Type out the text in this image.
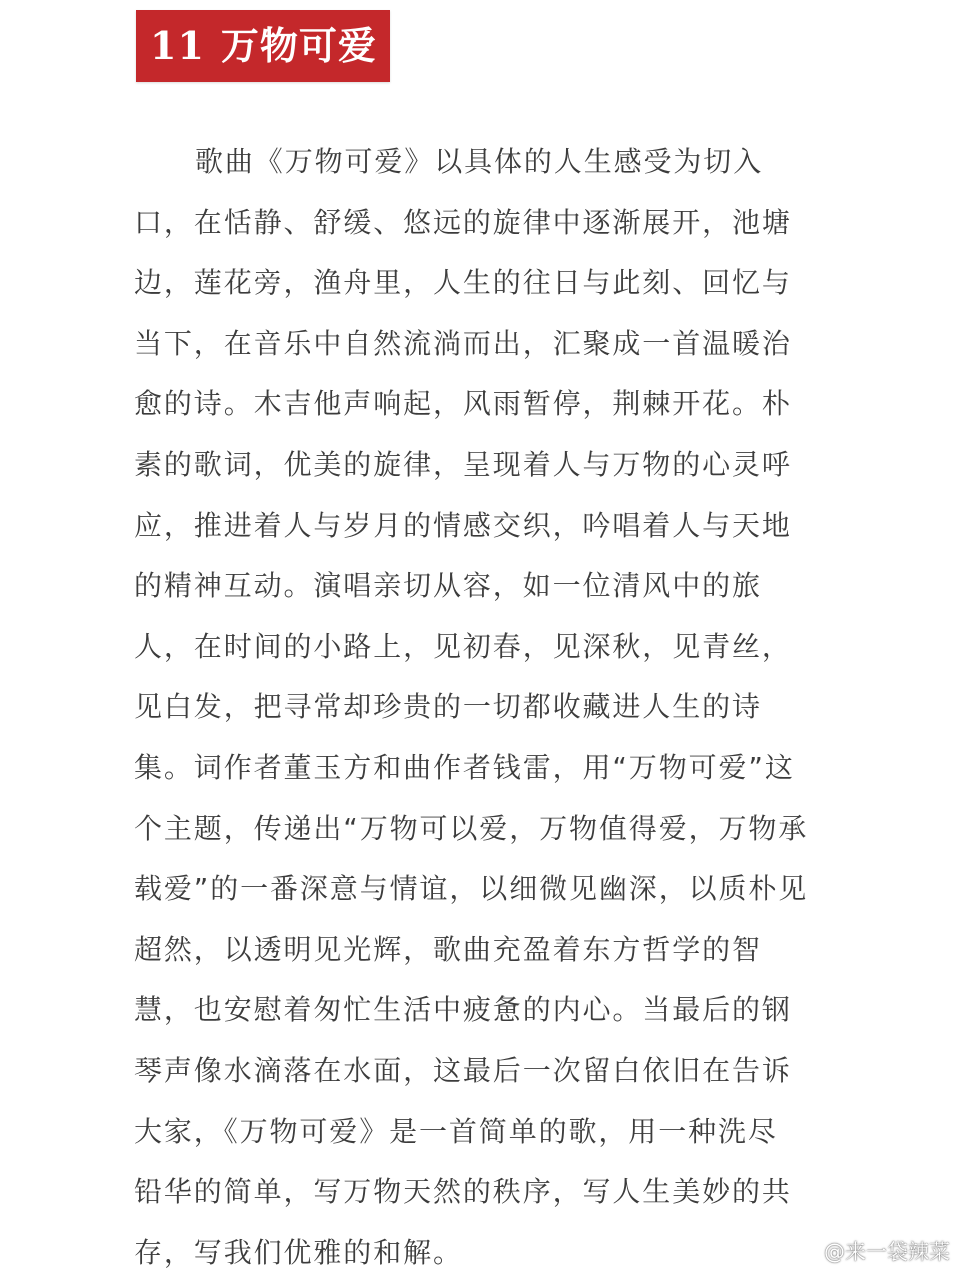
11 万物可爱
歌曲《万物可爱》以具体的人生感受为切入
口，在恬静、舒缓、悠远的旋律中逐渐展开，池塘
边，莲花旁，渔舟里，人生的往日与此刻、回忆与
当下，在音乐中自然流淌而出，汇聚成一首温暖治
愈的诗。木吉他声响起，风雨暂停，荆棘开花。朴
素的歌词，优美的旋律，呈现着人与万物的心灵呼
应，推进着人与岁月的情感交织，吟唱着人与天地
的精神互动。演唱亲切从容，如一位清风中的旅
人，在时间的小路上，见初春，见深秋，见青丝，
见白发，把寻常却珍贵的一切都收藏进人生的诗
集。词作者董玉方和曲作者钱雷，用“万物可爱”这
个主题，传递出“万物可以爱，万物值得爱，万物承
载爱”的一番深意与情谊，以细微见幽深，以质朴见
超然，以透明见光辉，歌曲充盈着东方哲学的智
慧，也安慰着匆忙生活中疲惫的内心。当最后的钢
琴声像水滴落在水面，这最后一次留白依旧在告诉
大家，《万物可爱》是一首简单的歌，用一种洗尽
铅华的简单，写万物天然的秩序，写人生美妙的共
存，写我们优雅的和解。	@来一袋辣菜
